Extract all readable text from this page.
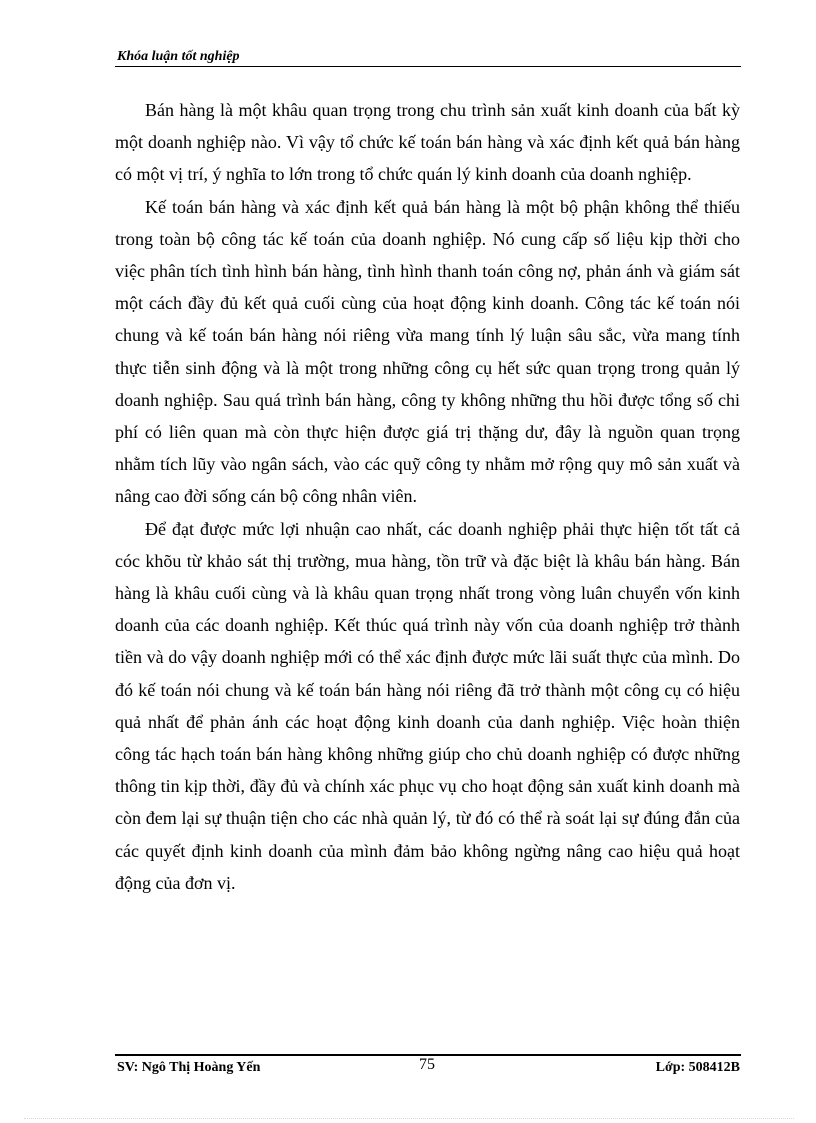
Khóa luận tốt nghiệp

Bán hàng là một khâu quan trọng trong chu trình sản xuất kinh doanh của bất kỳ một doanh nghiệp nào. Vì vậy tổ chức kế toán bán hàng và xác định kết quả bán hàng có một vị trí, ý nghĩa to lớn trong tổ chức quán lý kinh doanh của doanh nghiệp.

Kế toán bán hàng và xác định kết quả bán hàng là một bộ phận không thể thiếu trong toàn bộ công tác kế toán của doanh nghiệp. Nó cung cấp số liệu kịp thời cho việc phân tích tình hình bán hàng, tình hình thanh toán công nợ, phản ánh và giám sát một cách đầy đủ kết quả cuối cùng của hoạt động kinh doanh. Công tác kế toán nói chung và kế toán bán hàng nói riêng vừa mang tính lý luận sâu sắc, vừa mang tính thực tiễn sinh động và là một trong những công cụ hết sức quan trọng trong quản lý doanh nghiệp. Sau quá trình bán hàng, công ty không những thu hồi được tổng số chi phí có liên quan mà còn thực hiện được giá trị thặng dư, đây là nguồn quan trọng nhằm tích lũy vào ngân sách, vào các quỹ công ty nhằm mở rộng quy mô sản xuất và nâng cao đời sống cán bộ công nhân viên.

Để đạt được mức lợi nhuận cao nhất, các doanh nghiệp phải thực hiện tốt tất cả cóc khõu từ khảo sát thị trường, mua hàng, tồn trữ và đặc biệt là khâu bán hàng. Bán hàng là khâu cuối cùng và là khâu quan trọng nhất trong vòng luân chuyển vốn kinh doanh của các doanh nghiệp. Kết thúc quá trình này vốn của doanh nghiệp trở thành tiền và do vậy doanh nghiệp mới có thể xác định được mức lãi suất thực của mình. Do đó kế toán nói chung và kế toán bán hàng nói riêng đã trở thành một công cụ có hiệu quả nhất để phản ánh các hoạt động kinh doanh của danh nghiệp. Việc hoàn thiện công tác hạch toán bán hàng không những giúp cho chủ doanh nghiệp có được những thông tin kịp thời, đầy đủ và chính xác phục vụ cho hoạt động sản xuất kinh doanh mà còn đem lại sự thuận tiện cho các nhà quản lý, từ đó có thể rà soát lại sự đúng đắn của các quyết định kinh doanh của mình đảm bảo không ngừng nâng cao hiệu quả hoạt động của đơn vị.

SV: Ngô Thị Hoàng Yến	75	Lớp: 508412B
